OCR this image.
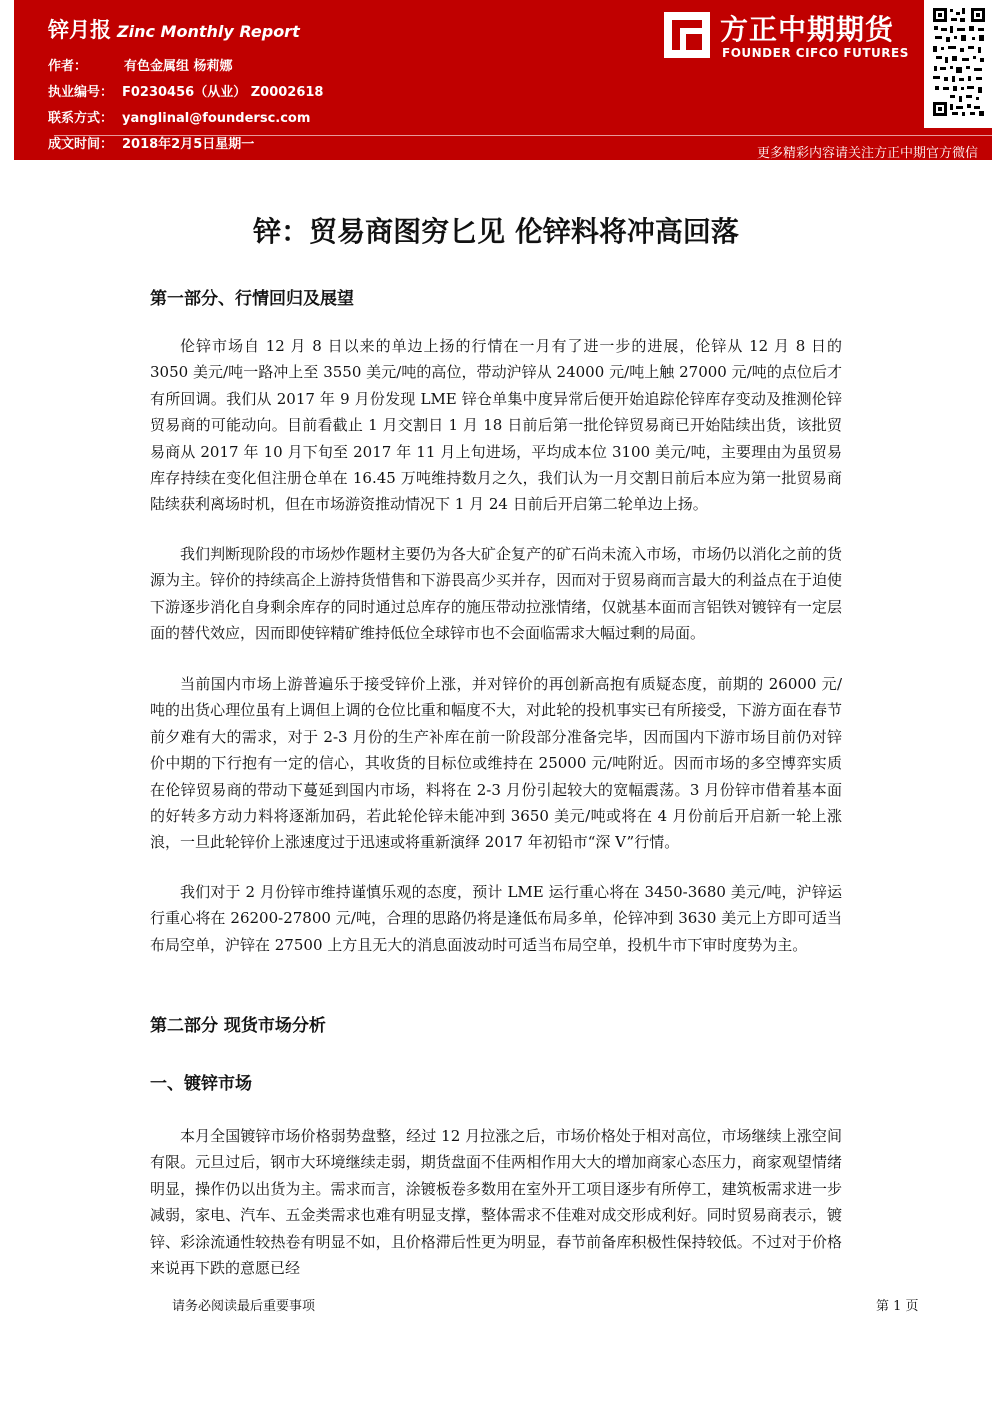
锌月报 Zinc Monthly Report
作者：	有色金属组 杨莉娜
执业编号： F0230456（从业） Z0002618
联系方式： yanglinal@foundersc.com
成文时间： 2018年2月5日星期一
方正中期期货
FOUNDER CIFCO FUTURES
更多精彩内容请关注方正中期官方微信
锌：贸易商图穷匕见 伦锌料将冲高回落
第一部分、行情回归及展望

伦锌市场自 12 月 8 日以来的单边上扬的行情在一月有了进一步的进展，伦锌从 12 月 8 日的 3050 美元/吨一路冲上至 3550 美元/吨的高位，带动沪锌从 24000 元/吨上触 27000 元/吨的点位后才有所回调。我们从 2017 年 9 月份发现 LME 锌仓单集中度异常后便开始追踪伦锌库存变动及推测伦锌贸易商的可能动向。目前看截止 1 月交割日 1 月 18 日前后第一批伦锌贸易商已开始陆续出货，该批贸易商从 2017 年 10 月下旬至 2017 年 11 月上旬进场，平均成本位 3100 美元/吨，主要理由为虽贸易库存持续在变化但注册仓单在 16.45 万吨维持数月之久，我们认为一月交割日前后本应为第一批贸易商陆续获利离场时机，但在市场游资推动情况下 1 月 24 日前后开启第二轮单边上扬。

我们判断现阶段的市场炒作题材主要仍为各大矿企复产的矿石尚未流入市场，市场仍以消化之前的货源为主。锌价的持续高企上游持货惜售和下游畏高少买并存，因而对于贸易商而言最大的利益点在于迫使下游逐步消化自身剩余库存的同时通过总库存的施压带动拉涨情绪，仅就基本面而言铝铁对镀锌有一定层面的替代效应，因而即使锌精矿维持低位全球锌市也不会面临需求大幅过剩的局面。

当前国内市场上游普遍乐于接受锌价上涨，并对锌价的再创新高抱有质疑态度，前期的 26000 元/吨的出货心理位虽有上调但上调的仓位比重和幅度不大，对此轮的投机事实已有所接受，下游方面在春节前夕难有大的需求，对于 2-3 月份的生产补库在前一阶段部分准备完毕，因而国内下游市场目前仍对锌价中期的下行抱有一定的信心，其收货的目标位或维持在 25000 元/吨附近。因而市场的多空博弈实质在伦锌贸易商的带动下蔓延到国内市场，料将在 2-3 月份引起较大的宽幅震荡。3 月份锌市借着基本面的好转多方动力料将逐渐加码，若此轮伦锌未能冲到 3650 美元/吨或将在 4 月份前后开启新一轮上涨浪，一旦此轮锌价上涨速度过于迅速或将重新演绎 2017 年初铅市“深 V”行情。

我们对于 2 月份锌市维持谨慎乐观的态度，预计 LME 运行重心将在 3450-3680 美元/吨，沪锌运行重心将在 26200-27800 元/吨，合理的思路仍将是逢低布局多单，伦锌冲到 3630 美元上方即可适当布局空单，沪锌在 27500 上方且无大的消息面波动时可适当布局空单，投机牛市下审时度势为主。

第二部分 现货市场分析
一、镀锌市场

本月全国镀锌市场价格弱势盘整，经过 12 月拉涨之后，市场价格处于相对高位，市场继续上涨空间有限。元旦过后，钢市大环境继续走弱，期货盘面不佳两相作用大大的增加商家心态压力，商家观望情绪明显，操作仍以出货为主。需求而言，涂镀板卷多数用在室外开工项目逐步有所停工，建筑板需求进一步减弱，家电、汽车、五金类需求也难有明显支撑，整体需求不佳难对成交形成利好。同时贸易商表示，镀锌、彩涂流通性较热卷有明显不如，且价格滞后性更为明显，春节前备库积极性保持较低。不过对于价格来说再下跌的意愿已经

请务必阅读最后重要事项	第 1 页
